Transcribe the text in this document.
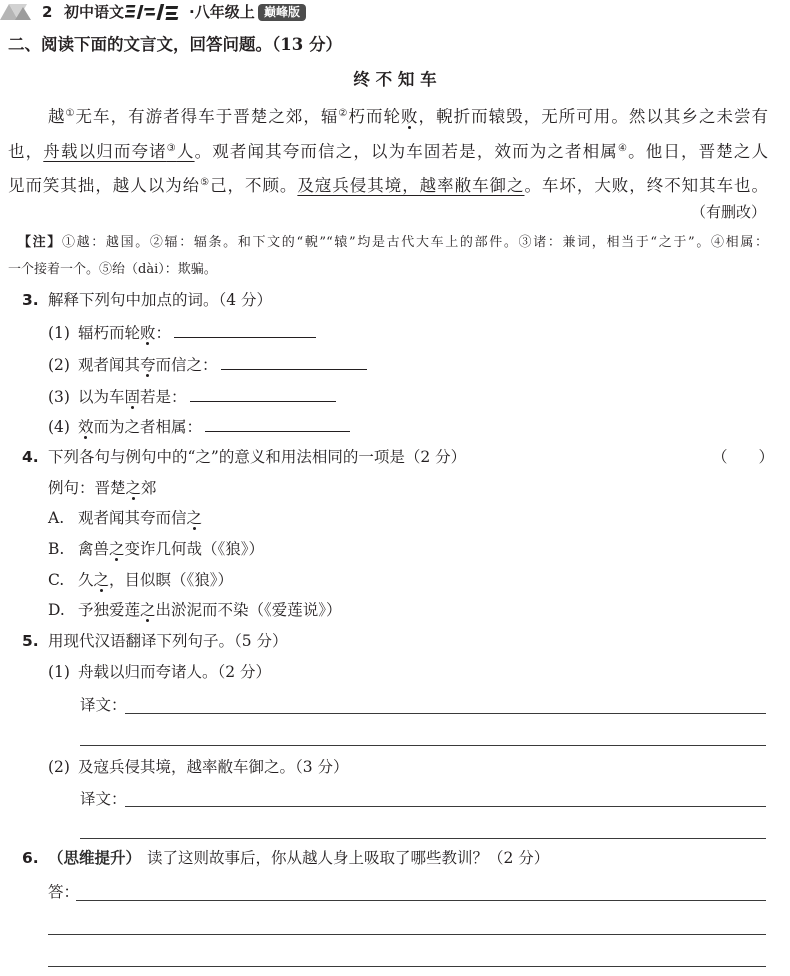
2 初中语文	·八年级上 巅峰版
二、阅读下面的文言文，回答问题。（13 分）
终 不 知 车
越①无车，有游者得车于晋楚之郊，辐②朽而轮败，輗折而辕毁，无所可用。然以其乡之未尝有
也，舟载以归而夸诸③人。观者闻其夸而信之，以为车固若是，效而为之者相属④。他日，晋楚之人
见而笑其拙，越人以为绐⑤己，不顾。及寇兵侵其境，越率敝车御之。车坏，大败，终不知其车也。
（有删改）
【注】①越：越国。②辐：辐条。和下文的“輗”“辕”均是古代大车上的部件。③诸：兼词，相当于“之于”。④相属：
一个接着一个。⑤绐（dài）：欺骗。
3. 解释下列句中加点的词。（4 分）
(1) 辐朽而轮败：
(2) 观者闻其夸而信之：
(3) 以为车固若是：
(4) 效而为之者相属：
4. 下列各句与例句中的“之”的意义和用法相同的一项是（2 分）	（　　）
例句：晋楚之郊
A. 观者闻其夸而信之
B. 禽兽之变诈几何哉（《狼》）
C. 久之，目似瞑（《狼》）
D. 予独爱莲之出淤泥而不染（《爱莲说》）
5. 用现代汉语翻译下列句子。（5 分）
(1) 舟载以归而夸诸人。（2 分）
译文：
(2) 及寇兵侵其境，越率敝车御之。（3 分）
译文：
6. （思维提升） 读了这则故事后，你从越人身上吸取了哪些教训？（2 分）
答：
